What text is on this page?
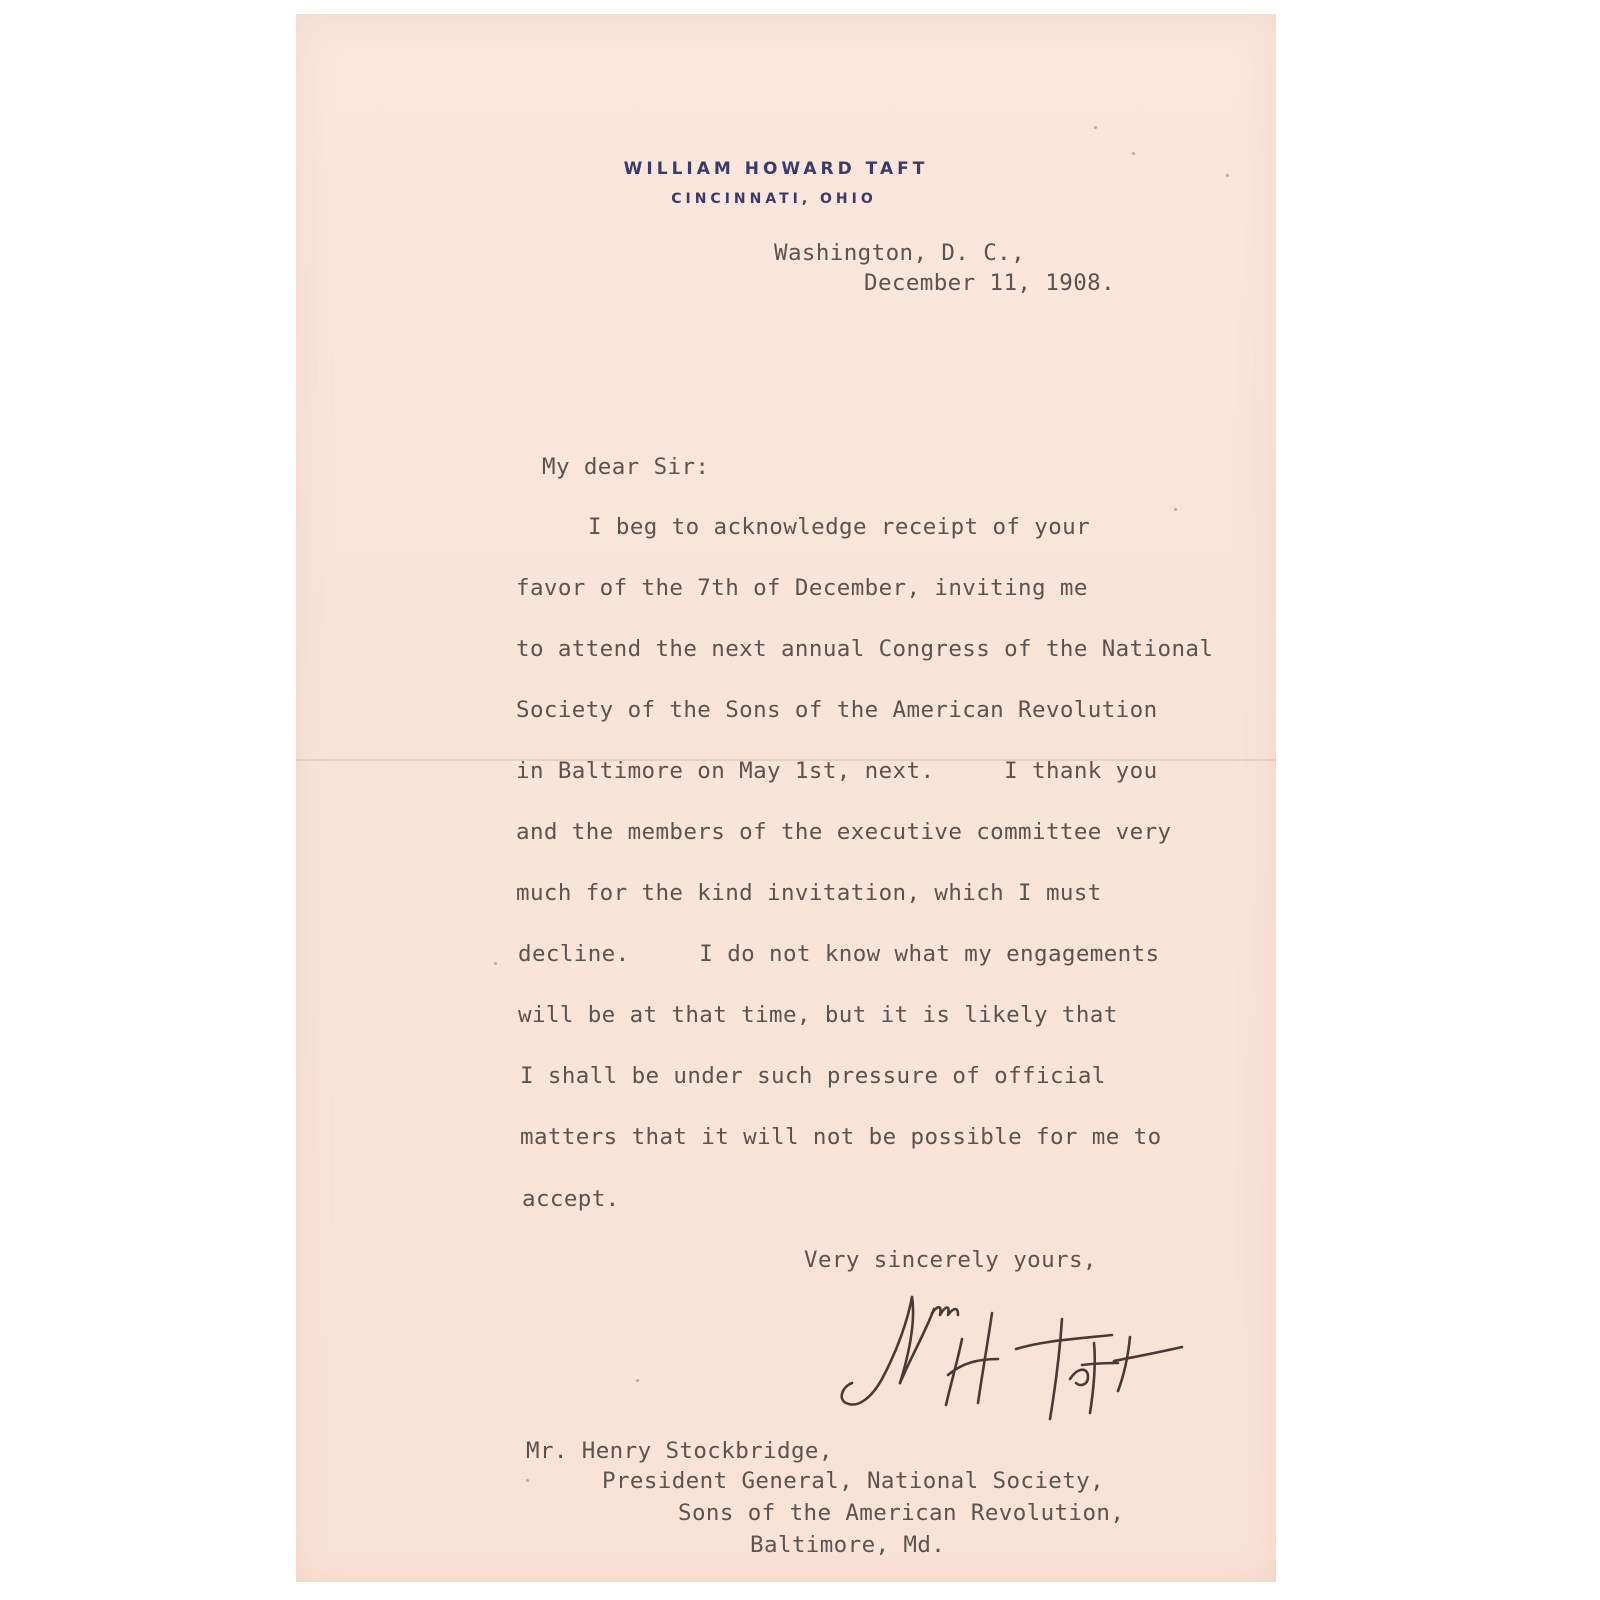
WILLIAM HOWARD TAFT
CINCINNATI, OHIO
Washington, D. C.,
December 11, 1908.
My dear Sir:
I beg to acknowledge receipt of your
favor of the 7th of December, inviting me
to attend the next annual Congress of the National
Society of the Sons of the American Revolution
in Baltimore on May 1st, next.     I thank you
and the members of the executive committee very
much for the kind invitation, which I must
decline.     I do not know what my engagements
will be at that time, but it is likely that
I shall be under such pressure of official
matters that it will not be possible for me to
accept.
Very sincerely yours,
Mr. Henry Stockbridge,
President General, National Society,
Sons of the American Revolution,
Baltimore, Md.
